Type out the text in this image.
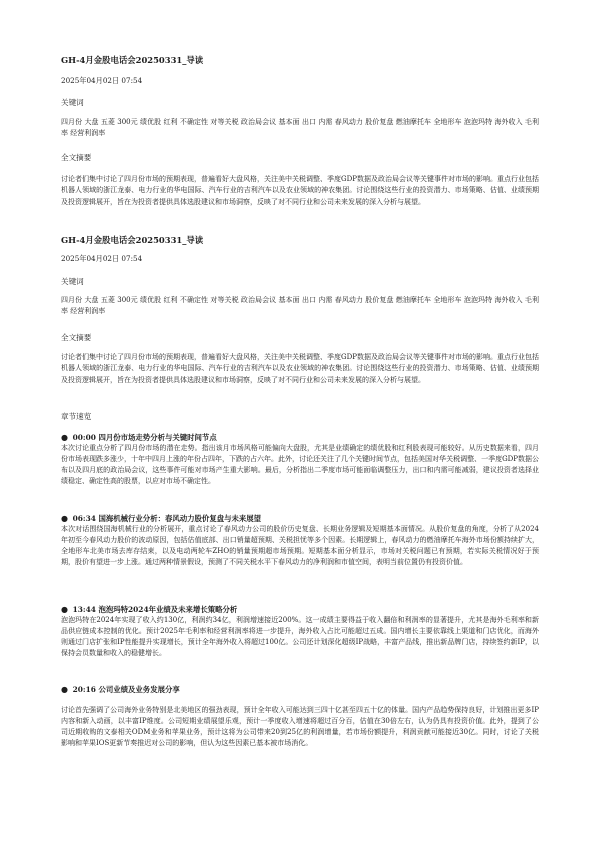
GH-4月金股电话会20250331_导读
2025年04月02日 07:54
关键词
四月份 大盘 五菱 300元 绩优股 红利 不确定性 对等关税 政治局会议 基本面 出口 内需 春风动力 股价复盘 燃油摩托车 全地形车 泡泡玛特 海外收入 毛利率 经营利润率
全文摘要
讨论者们集中讨论了四月份市场的预期表现，普遍看好大盘风格，关注美中关税调整、季度GDP数据及政治局会议等关键事件对市场的影响。重点行业包括机器人领域的浙江龙泰、电力行业的华电国际、汽车行业的吉利汽车以及农业领域的神农集团。讨论围绕这些行业的投资潜力、市场策略、估值、业绩预期及投资逻辑展开，旨在为投资者提供具体选股建议和市场洞察，反映了对不同行业和公司未来发展的深入分析与展望。
GH-4月金股电话会20250331_导读
2025年04月02日 07:54
关键词
四月份 大盘 五菱 300元 绩优股 红利 不确定性 对等关税 政治局会议 基本面 出口 内需 春风动力 股价复盘 燃油摩托车 全地形车 泡泡玛特 海外收入 毛利率 经营利润率
全文摘要
讨论者们集中讨论了四月份市场的预期表现，普遍看好大盘风格，关注美中关税调整、季度GDP数据及政治局会议等关键事件对市场的影响。重点行业包括机器人领域的浙江龙泰、电力行业的华电国际、汽车行业的吉利汽车以及农业领域的神农集团。讨论围绕这些行业的投资潜力、市场策略、估值、业绩预期及投资逻辑展开，旨在为投资者提供具体选股建议和市场洞察，反映了对不同行业和公司未来发展的深入分析与展望。
章节速览
● 00:00 四月份市场走势分析与关键时间节点
本次讨论重点分析了四月份市场的潜在走势。指出该月市场风格可能偏向大盘股，尤其是业绩确定的绩优股和红利股表现可能较好。从历史数据来看，四月份市场表现跌多涨少，十年中四月上涨的年份占四年，下跌的占六年。此外，讨论还关注了几个关键时间节点，包括美国对华关税调整、一季度GDP数据公布以及四月底的政治局会议，这些事件可能对市场产生重大影响。最后，分析指出二季度市场可能面临调整压力，出口和内需可能减弱，建议投资者选择业绩稳定、确定性高的股票，以应对市场不确定性。
● 06:34 国海机械行业分析：春风动力股价复盘与未来展望
本次对话围绕国海机械行业的分析展开，重点讨论了春风动力公司的股价历史复盘、长期业务逻辑及短期基本面情况。从股价复盘的角度，分析了从2024年初至今春风动力股价的波动原因，包括估值底部、出口销量超预期、关税担忧等多个因素。长期逻辑上，春风动力的燃油摩托车海外市场份额持续扩大，全地形车北美市场去库存结束，以及电动两轮车ZHO的销量预期超市场预期。短期基本面分析显示，市场对关税问题已有预期，若实际关税情况好于预期，股价有望进一步上涨。通过两种情景假设，预测了不同关税水平下春风动力的净利润和市值空间，表明当前位置仍有投资价值。
● 13:44 泡泡玛特2024年业绩及未来增长策略分析
泡泡玛特在2024年实现了收入约130亿，利润约34亿，利润增速接近200%。这一成绩主要得益于收入翻倍和利润率的显著提升，尤其是海外毛利率和新品供应链成本控制的优化。预计2025年毛利率和经营利润率将进一步提升，海外收入占比可能超过五成。国内增长主要依靠线上渠道和门店优化，而海外则通过门店扩张和IP性能提升实现增长，预计全年海外收入将超过100亿。公司还计划深化超级IP战略，丰富产品线，推出新品牌门店，持续签约新IP，以保持会员数量和收入的稳健增长。
● 20:16 公司业绩及业务发展分享
讨论首先强调了公司海外业务特别是北美地区的强劲表现，预计全年收入可能达到三四十亿甚至四五十亿的体量。国内产品趋势保持良好，计划推出更多IP内容和新入动画，以丰富IP维度。公司短期业绩展望乐观，预计一季度收入增速将超过百分百，估值在30倍左右，认为仍具有投资价值。此外，提到了公司近期收购的文泰相关ODM业务和苹果业务，预计这将为公司带来20到25亿的利润增量，若市场份额提升，利润贡献可能接近30亿。同时，讨论了关税影响和苹果IOS更新节奏推迟对公司的影响，但认为这些因素已基本被市场消化。
